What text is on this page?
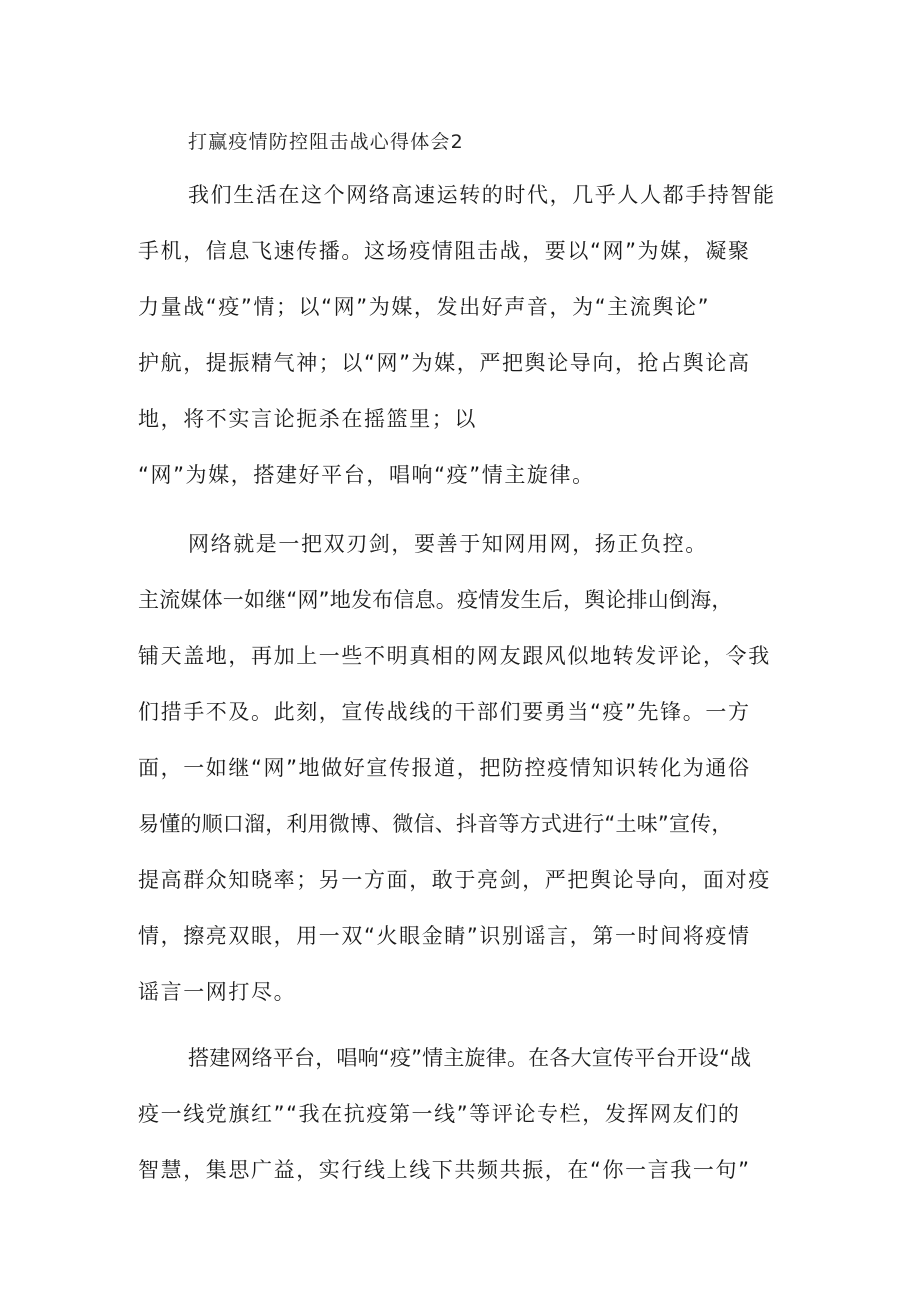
打赢疫情防控阻击战心得体会2
我们生活在这个网络高速运转的时代，几乎人人都手持智能
手机，信息飞速传播。这场疫情阻击战，要以“网”为媒，凝聚
力量战“疫”情；以“网”为媒，发出好声音，为“主流舆论”
护航，提振精气神；以“网”为媒，严把舆论导向，抢占舆论高
地，将不实言论扼杀在摇篮里；以
“网”为媒，搭建好平台，唱响“疫”情主旋律。
网络就是一把双刃剑，要善于知网用网，扬正负控。
主流媒体一如继“网”地发布信息。疫情发生后，舆论排山倒海，
铺天盖地，再加上一些不明真相的网友跟风似地转发评论，令我
们措手不及。此刻，宣传战线的干部们要勇当“疫”先锋。一方
面，一如继“网”地做好宣传报道，把防控疫情知识转化为通俗
易懂的顺口溜，利用微博、微信、抖音等方式进行“土味”宣传，
提高群众知晓率；另一方面，敢于亮剑，严把舆论导向，面对疫
情，擦亮双眼，用一双“火眼金睛”识别谣言，第一时间将疫情
谣言一网打尽。
搭建网络平台，唱响“疫”情主旋律。在各大宣传平台开设“战
疫一线党旗红”“我在抗疫第一线”等评论专栏，发挥网友们的
智慧，集思广益，实行线上线下共频共振，在“你一言我一句”
